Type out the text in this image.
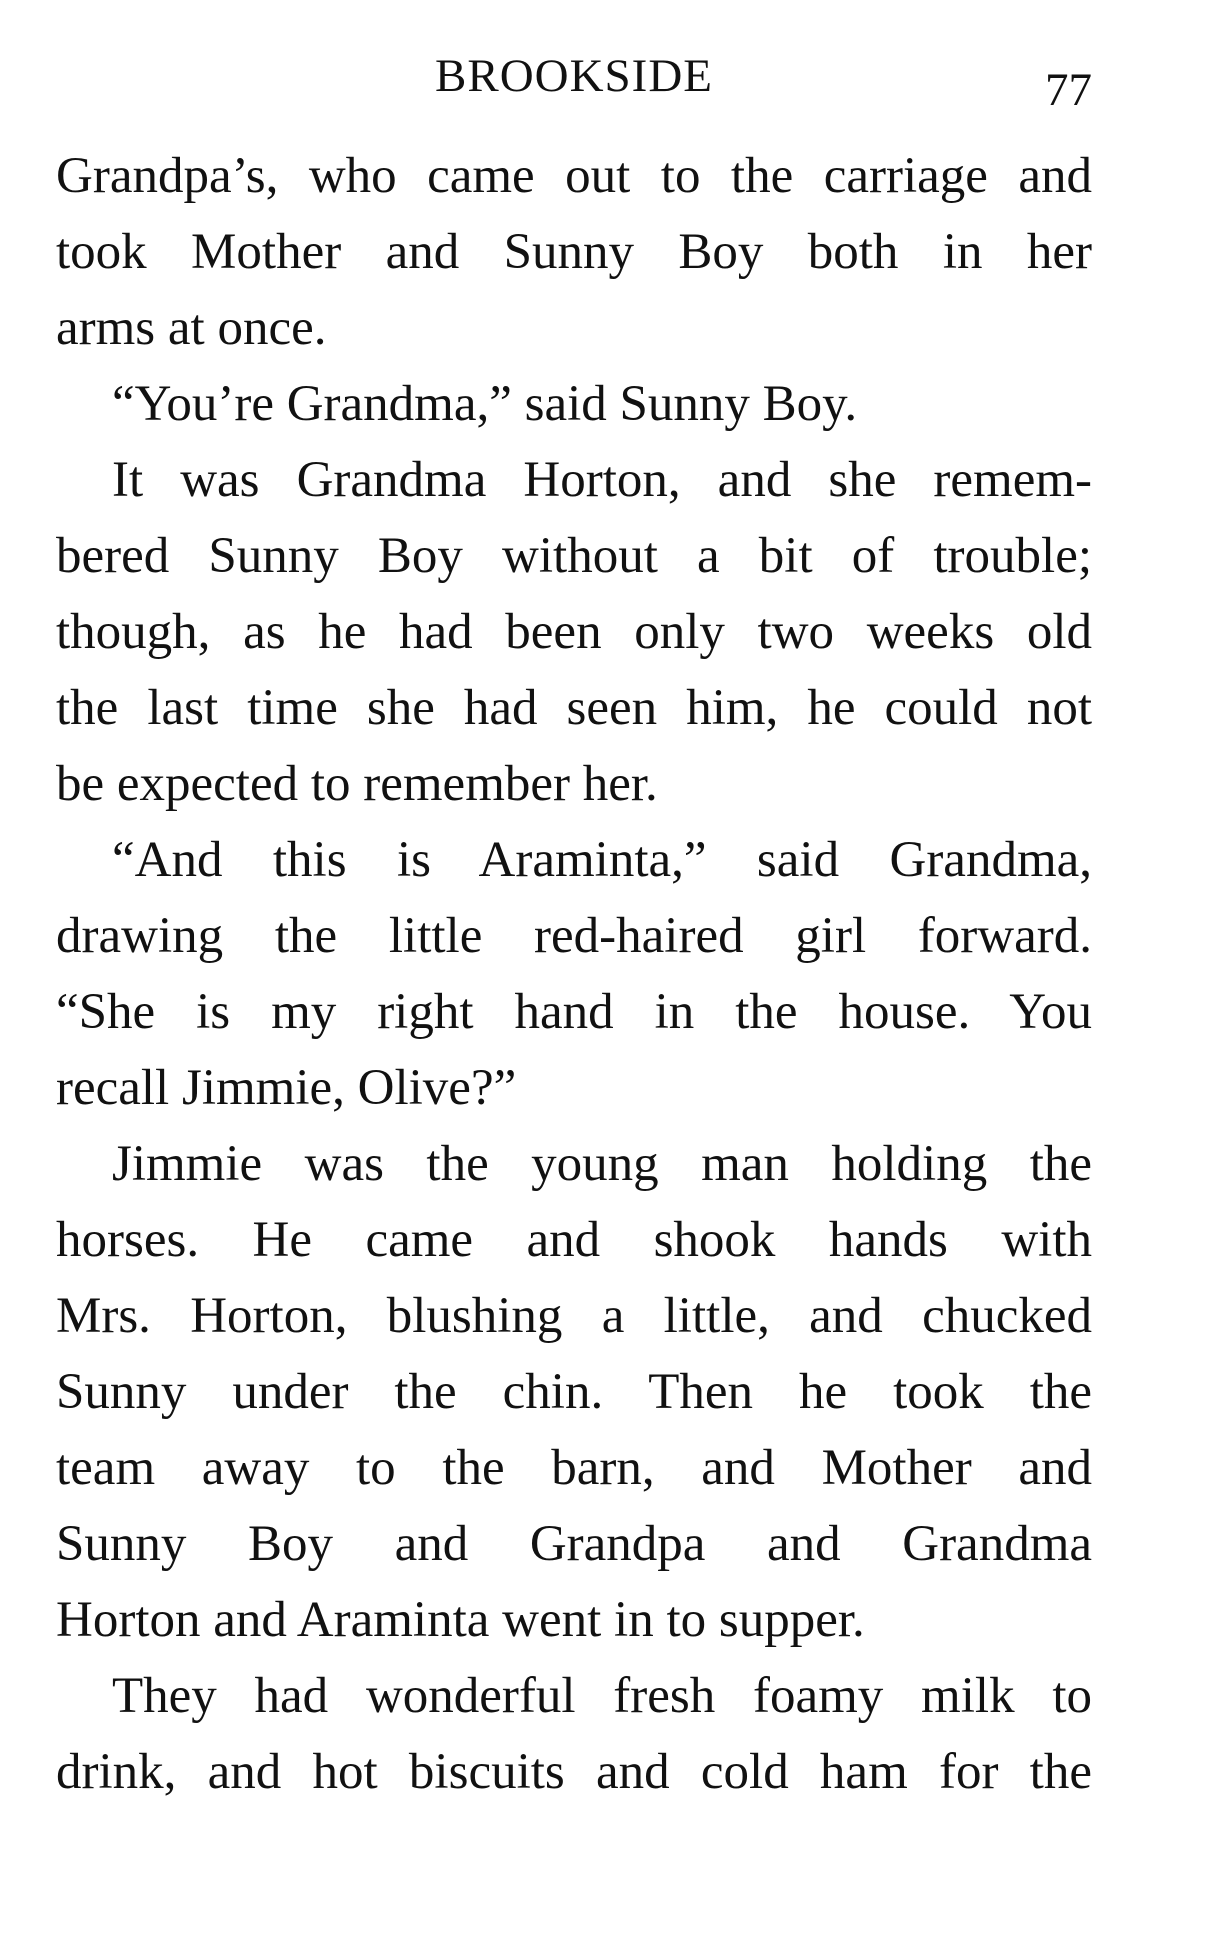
BROOKSIDE	77

Grandpa’s, who came out to the carriage and

took Mother and Sunny Boy both in her

arms at once.

“You’re Grandma,” said Sunny Boy.

It was Grandma Horton, and she remem-

bered Sunny Boy without a bit of trouble;

though, as he had been only two weeks old

the last time she had seen him, he could not

be expected to remember her.

“And this is Araminta,” said Grandma,

drawing the little red-haired girl forward.

“She is my right hand in the house. You

recall Jimmie, Olive?”

Jimmie was the young man holding the

horses. He came and shook hands with

Mrs. Horton, blushing a little, and chucked

Sunny under the chin. Then he took the

team away to the barn, and Mother and

Sunny Boy and Grandpa and Grandma

Horton and Araminta went in to supper.

They had wonderful fresh foamy milk to

drink, and hot biscuits and cold ham for the
